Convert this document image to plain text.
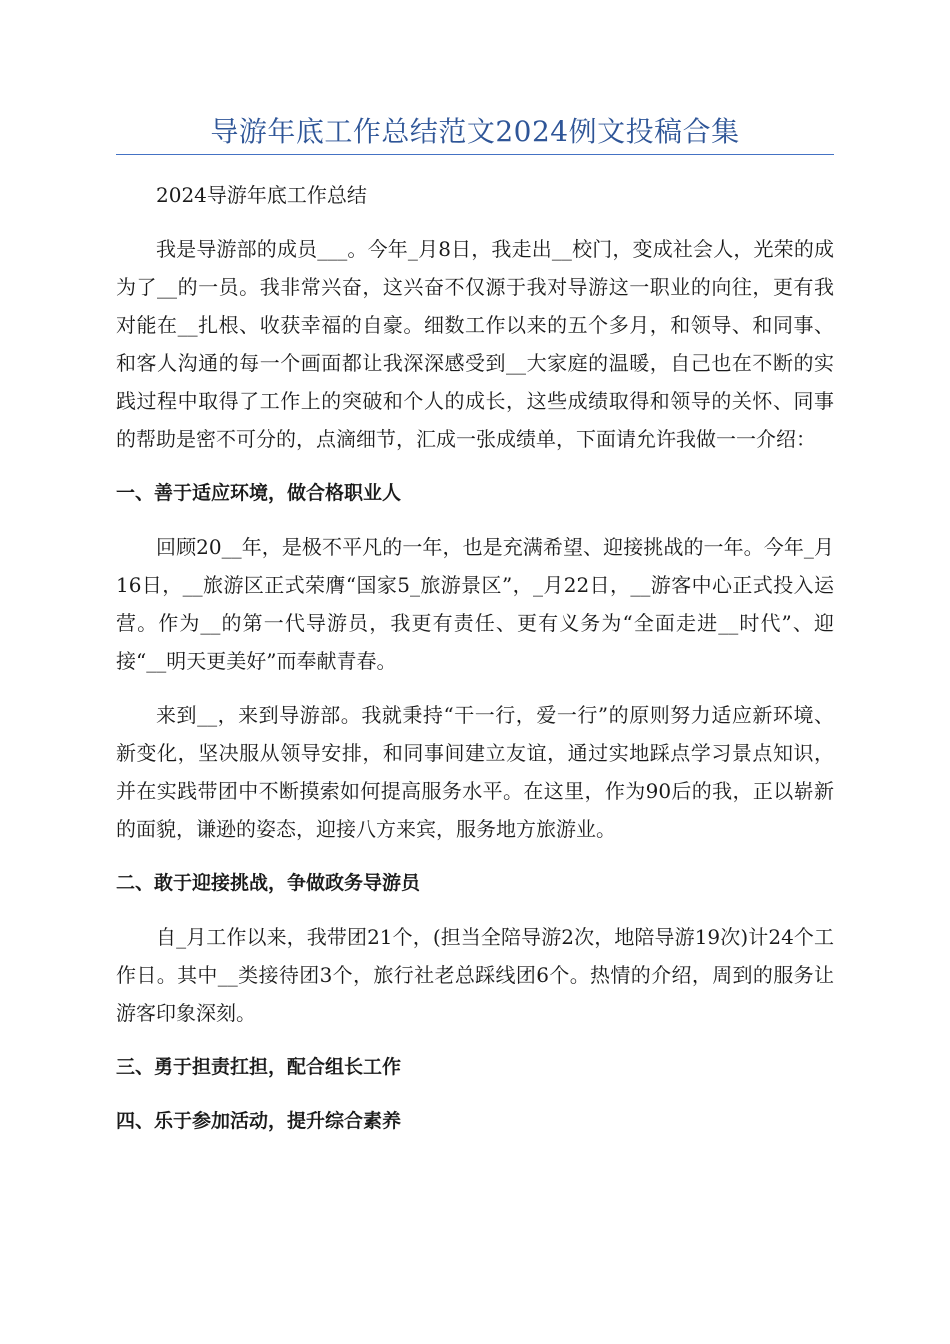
导游年底工作总结范文2024例文投稿合集

2024导游年底工作总结

我是导游部的成员___。今年_月8日，我走出__校门，变成社会人，光荣的成为了__的一员。我非常兴奋，这兴奋不仅源于我对导游这一职业的向往，更有我对能在__扎根、收获幸福的自豪。细数工作以来的五个多月，和领导、和同事、和客人沟通的每一个画面都让我深深感受到__大家庭的温暖，自己也在不断的实践过程中取得了工作上的突破和个人的成长，这些成绩取得和领导的关怀、同事的帮助是密不可分的，点滴细节，汇成一张成绩单，下面请允许我做一一介绍：

一、善于适应环境，做合格职业人

回顾20__年，是极不平凡的一年，也是充满希望、迎接挑战的一年。今年_月16日，__旅游区正式荣膺“国家5_旅游景区”，_月22日，__游客中心正式投入运营。作为__的第一代导游员，我更有责任、更有义务为“全面走进__时代”、迎接“__明天更美好”而奉献青春。

来到__，来到导游部。我就秉持“干一行，爱一行”的原则努力适应新环境、新变化，坚决服从领导安排，和同事间建立友谊，通过实地踩点学习景点知识，并在实践带团中不断摸索如何提高服务水平。在这里，作为90后的我，正以崭新的面貌，谦逊的姿态，迎接八方来宾，服务地方旅游业。

二、敢于迎接挑战，争做政务导游员

自_月工作以来，我带团21个，(担当全陪导游2次，地陪导游19次)计24个工作日。其中__类接待团3个，旅行社老总踩线团6个。热情的介绍，周到的服务让游客印象深刻。

三、勇于担责扛担，配合组长工作

四、乐于参加活动，提升综合素养
